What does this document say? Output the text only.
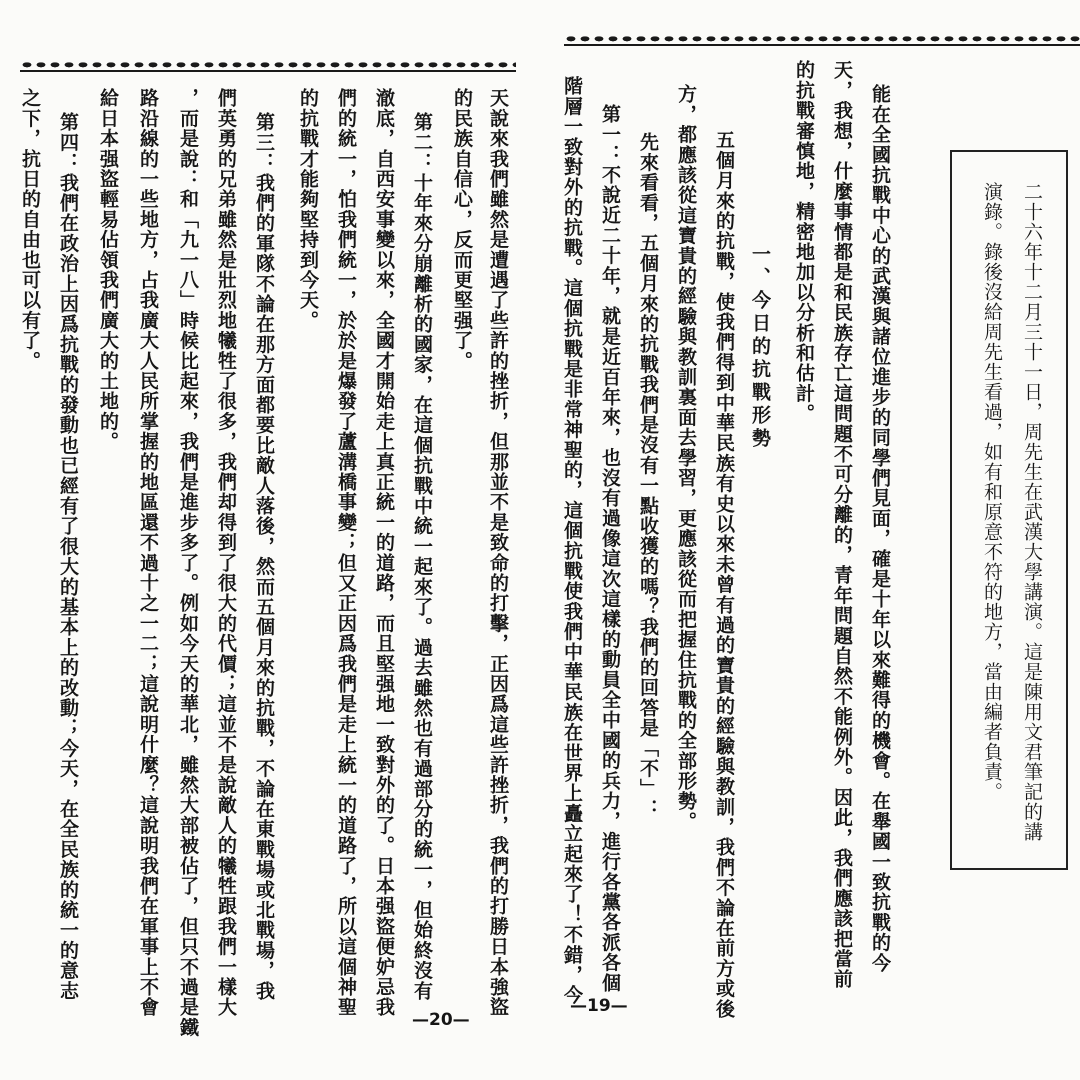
天說來我們雖然是遭遇了些許的挫折，但那並不是致命的打擊，正因爲這些許挫折，我們的打勝日本強盜
的民族自信心，反而更堅强了。
第二：十年來分崩離析的國家，在這個抗戰中統一起來了。過去雖然也有過部分的統一，但始終沒有
澈底，自西安事變以來，全國才開始走上真正統一的道路，而且堅强地一致對外的了。日本强盜便妒忌我
們的統一，怕我們統一，於於是爆發了蘆溝橋事變；但又正因爲我們是走上統一的道路了，所以這個神聖
的抗戰才能夠堅持到今天。
第三：我們的軍隊不論在那方面都要比敵人落後，然而五個月來的抗戰，不論在東戰場或北戰場，我
們英勇的兄弟雖然是壯烈地犧牲了很多，我們却得到了很大的代價；這並不是說敵人的犧牲跟我們一樣大
，而是說：和「九一八」時候比起來，我們是進步多了。例如今天的華北，雖然大部被佔了，但只不過是鐵
路沿線的一些地方，占我廣大人民所掌握的地區還不過十之一二；這說明什麼？這說明我們在軍事上不會
給日本强盜輕易佔領我們廣大的土地的。
第四：我們在政治上因爲抗戰的發動也已經有了很大的基本上的改動；今天，在全民族的統一的意志
之下，抗日的自由也可以有了。
—20—
二十六年十二月三十一日，周先生在武漢大學講演。這是陳用文君筆記的講
演錄。錄後沒給周先生看過，如有和原意不符的地方，當由編者負責。
能在全國抗戰中心的武漢與諸位進步的同學們見面，確是十年以來難得的機會。在舉國一致抗戰的今
天，我想，什麼事情都是和民族存亡這問題不可分離的，青年問題自然不能例外。因此，我們應該把當前
的抗戰審慎地，精密地加以分析和估計。
一、今日的抗戰形勢
五個月來的抗戰，使我們得到中華民族有史以來未曾有過的寶貴的經驗與教訓，我們不論在前方或後
方，都應該從這寶貴的經驗與教訓裏面去學習，更應該從而把握住抗戰的全部形勢。
先來看看，五個月來的抗戰我們是沒有一點收獲的嗎？我們的回答是「不」：
第一：不說近二十年，就是近百年來，也沒有過像這次這樣的動員全中國的兵力，進行各黨各派各個
階層一致對外的抗戰。這個抗戰是非常神聖的，這個抗戰使我們中華民族在世界上矗立起來了！不錯，今
—19—
